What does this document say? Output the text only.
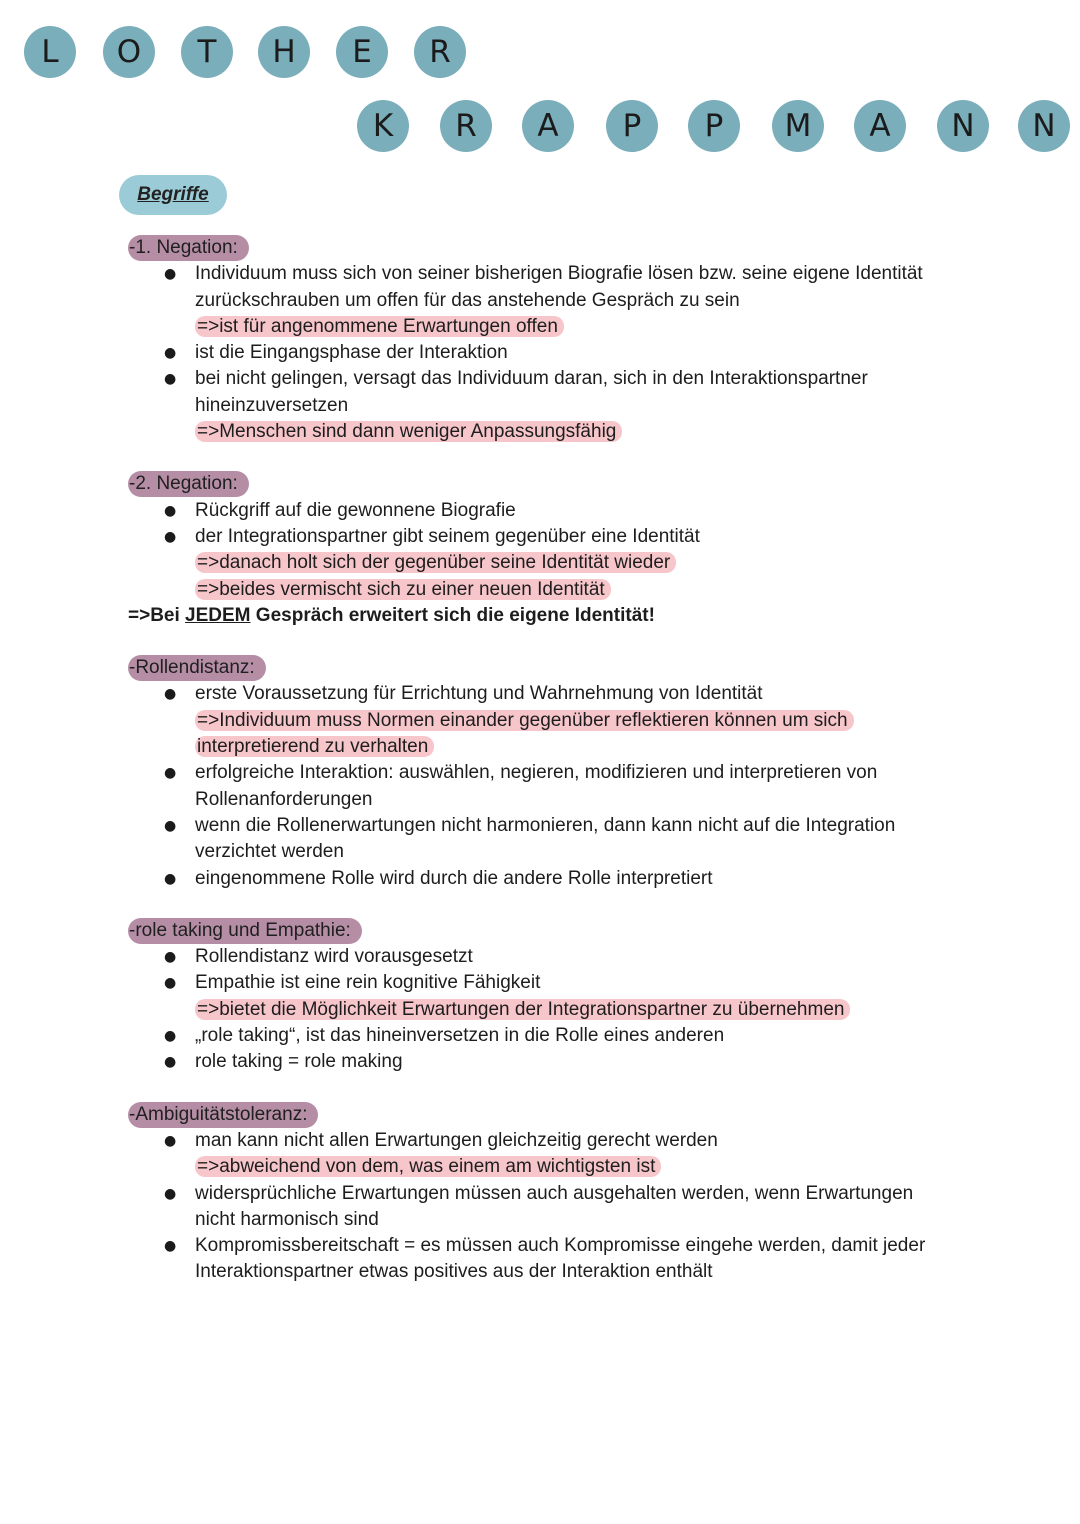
L	O	T	H	E	R
K	R	A	P	P	M	A	N	N
Begriffe
-1. Negation:
● Individuum muss sich von seiner bisherigen Biografie lösen bzw. seine eigene Identität zurückschrauben um offen für das anstehende Gespräch zu sein
=>ist für angenommene Erwartungen offen
● ist die Eingangsphase der Interaktion
● bei nicht gelingen, versagt das Individuum daran, sich in den Interaktionspartner hineinzuversetzen
=>Menschen sind dann weniger Anpassungsfähig
-2. Negation:
● Rückgriff auf die gewonnene Biografie
● der Integrationspartner gibt seinem gegenüber eine Identität
=>danach holt sich der gegenüber seine Identität wieder
=>beides vermischt sich zu einer neuen Identität
=>Bei JEDEM Gespräch erweitert sich die eigene Identität!
-Rollendistanz:
● erste Voraussetzung für Errichtung und Wahrnehmung von Identität
=>Individuum muss Normen einander gegenüber reflektieren können um sich interpretierend zu verhalten
● erfolgreiche Interaktion: auswählen, negieren, modifizieren und interpretieren von Rollenanforderungen
● wenn die Rollenerwartungen nicht harmonieren, dann kann nicht auf die Integration verzichtet werden
● eingenommene Rolle wird durch die andere Rolle interpretiert
-role taking und Empathie:
● Rollendistanz wird vorausgesetzt
● Empathie ist eine rein kognitive Fähigkeit
=>bietet die Möglichkeit Erwartungen der Integrationspartner zu übernehmen
● „role taking“, ist das hineinversetzen in die Rolle eines anderen
● role taking = role making
-Ambiguitätstoleranz:
● man kann nicht allen Erwartungen gleichzeitig gerecht werden
=>abweichend von dem, was einem am wichtigsten ist
● widersprüchliche Erwartungen müssen auch ausgehalten werden, wenn Erwartungen nicht harmonisch sind
● Kompromissbereitschaft = es müssen auch Kompromisse eingehe werden, damit jeder Interaktionspartner etwas positives aus der Interaktion enthält
